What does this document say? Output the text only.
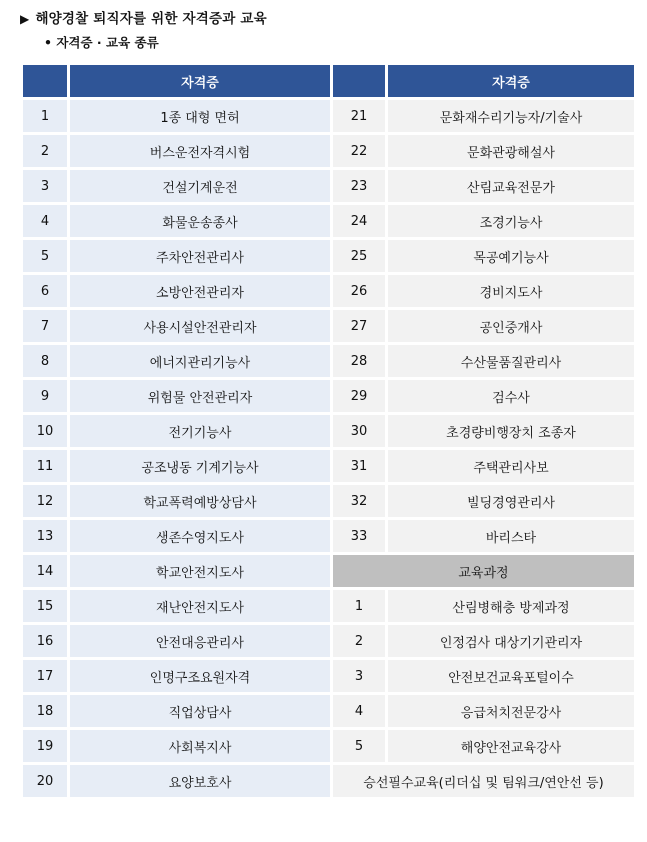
▶ 해양경찰 퇴직자를 위한 자격증과 교육
• 자격증 · 교육 종류
	자격증		자격증
1	1종 대형 면허	21	문화재수리기능자/기술사
2	버스운전자격시험	22	문화관광해설사
3	건설기계운전	23	산림교육전문가
4	화물운송종사	24	조경기능사
5	주차안전관리사	25	목공예기능사
6	소방안전관리자	26	경비지도사
7	사용시설안전관리자	27	공인중개사
8	에너지관리기능사	28	수산물품질관리사
9	위험물 안전관리자	29	검수사
10	전기기능사	30	초경량비행장치 조종자
11	공조냉동 기계기능사	31	주택관리사보
12	학교폭력예방상담사	32	빌딩경영관리사
13	생존수영지도사	33	바리스타
14	학교안전지도사	교육과정	
15	재난안전지도사	1	산림병해충 방제과정
16	안전대응관리사	2	인정검사 대상기기관리자
17	인명구조요원자격	3	안전보건교육포털이수
18	직업상담사	4	응급처치전문강사
19	사회복지사	5	해양안전교육강사
20	요양보호사	승선필수교육(리더십 및 팀워크/연안선 등)	
